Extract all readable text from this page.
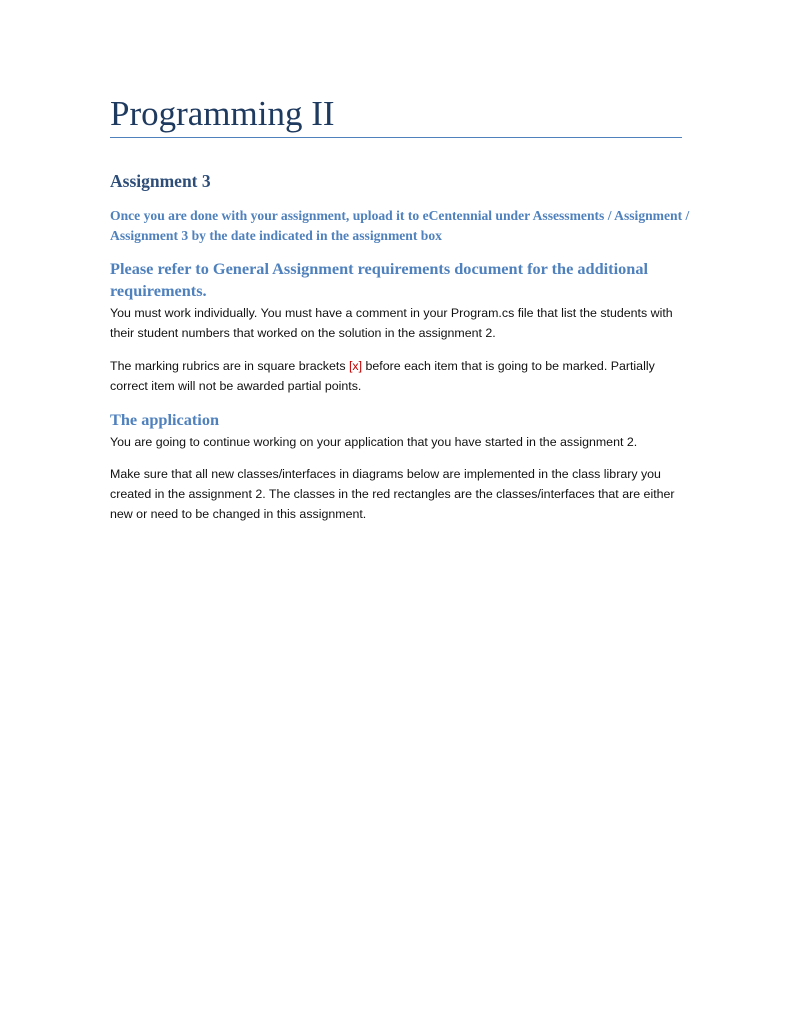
Programming II
Assignment 3
Once you are done with your assignment, upload it to eCentennial under Assessments / Assignment / Assignment 3 by the date indicated in the assignment box
Please refer to General Assignment requirements document for the additional requirements.
You must work individually. You must have a comment in your Program.cs file that list the students with their student numbers that worked on the solution in the assignment 2.
The marking rubrics are in square brackets [x] before each item that is going to be marked. Partially correct item will not be awarded partial points.
The application
You are going to continue working on your application that you have started in the assignment 2.
Make sure that all new classes/interfaces in diagrams below are implemented in the class library you created in the assignment 2. The classes in the red rectangles are the classes/interfaces that are either new or need to be changed in this assignment.
